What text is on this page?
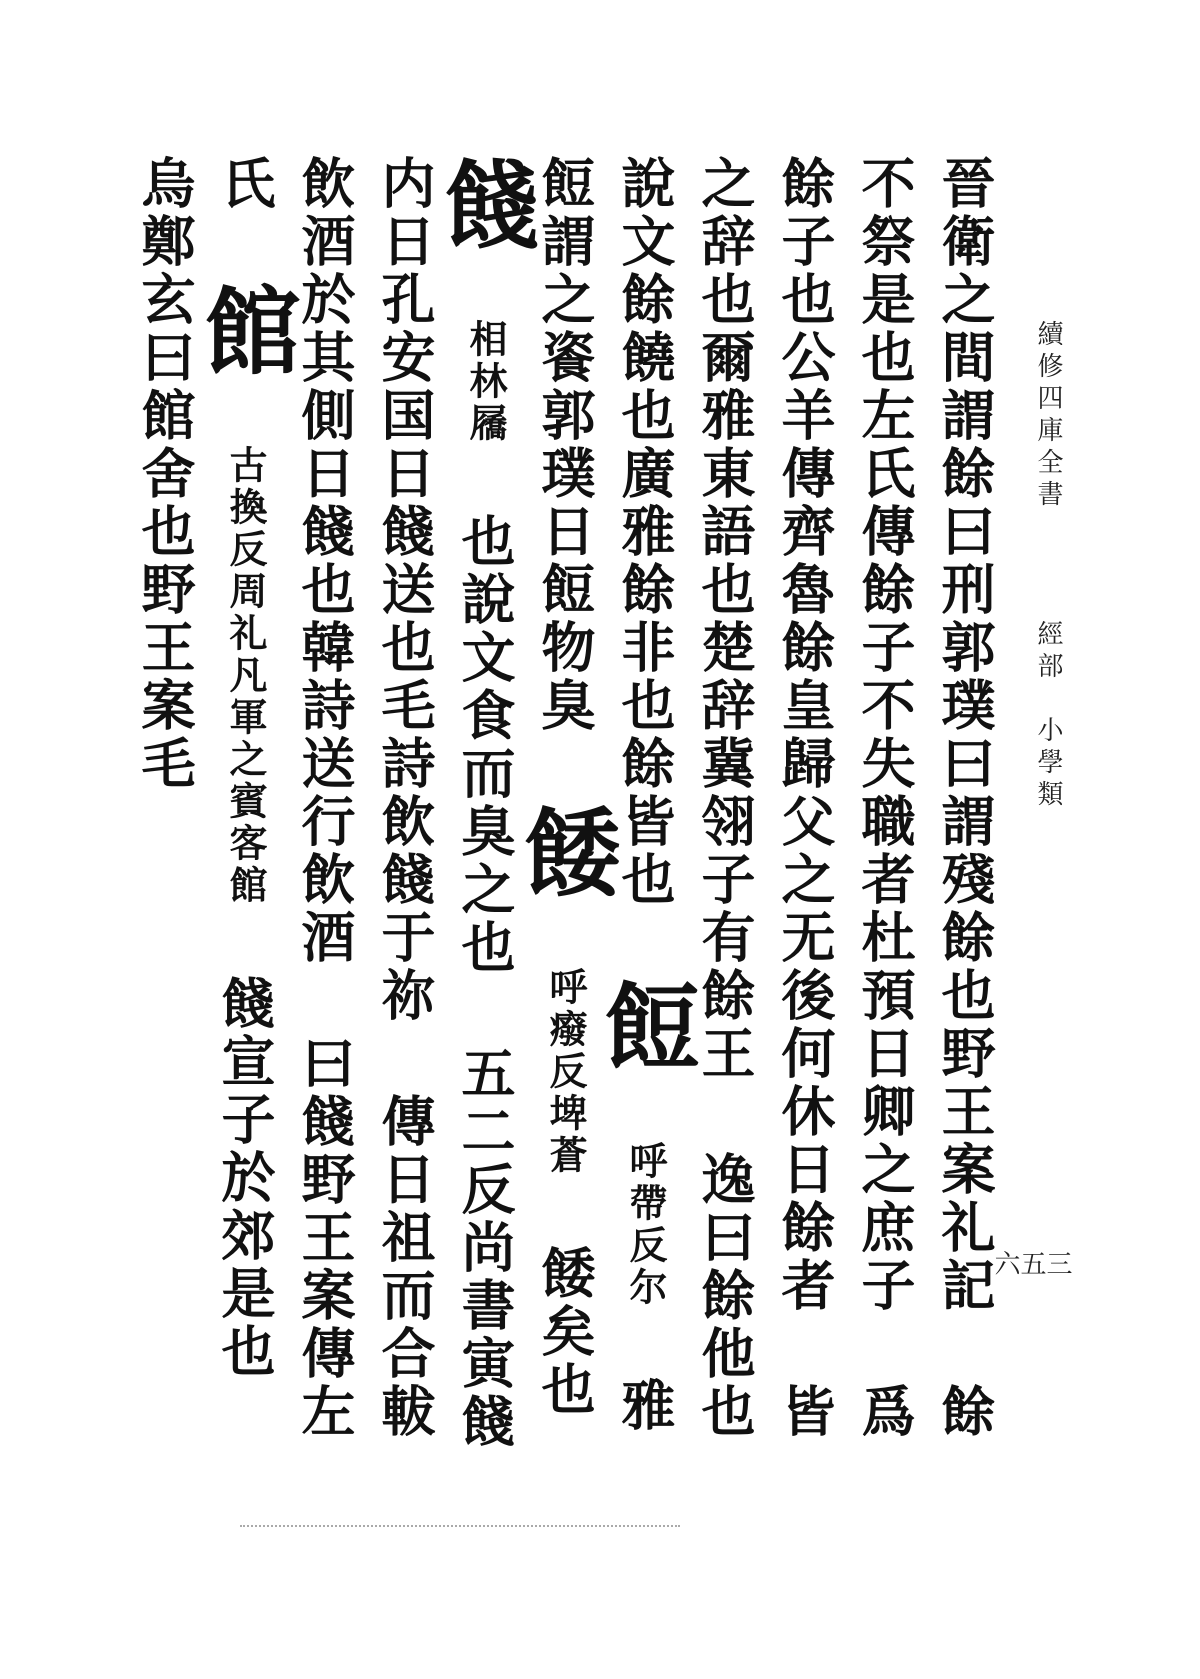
晉衛之間謂餘曰刑郭璞曰謂殘餘也野王案礼記 餘不祭是也左氏傳餘子不失職者杜預日卿之庶子 爲餘子也公羊傳齊魯餘皇歸父之无後何休日餘者 皆之辞也爾雅東語也楚辞冀翎子有餘王 逸曰餘他也說文餘饒也廣雅餘非也餘皆也 餖 呼帶反尔 雅餖謂之餈郭璞日餖物臭 餧 呼癈反埤蒼 餧矣也 餞 相林屩 也說文食而臭之也 五二反尚書寅餞内日孔安国日餞送也毛詩飲餞于祢 傳日祖而合軷飲酒於其側日餞也韓詩送行飲酒 曰餞野王案傳左氏 館 古換反周礼凡軍之賓客館 餞宣子於郊是也 烏鄭玄曰館舍也野王案毛	續修四庫全書
經部　小學類
三五六
